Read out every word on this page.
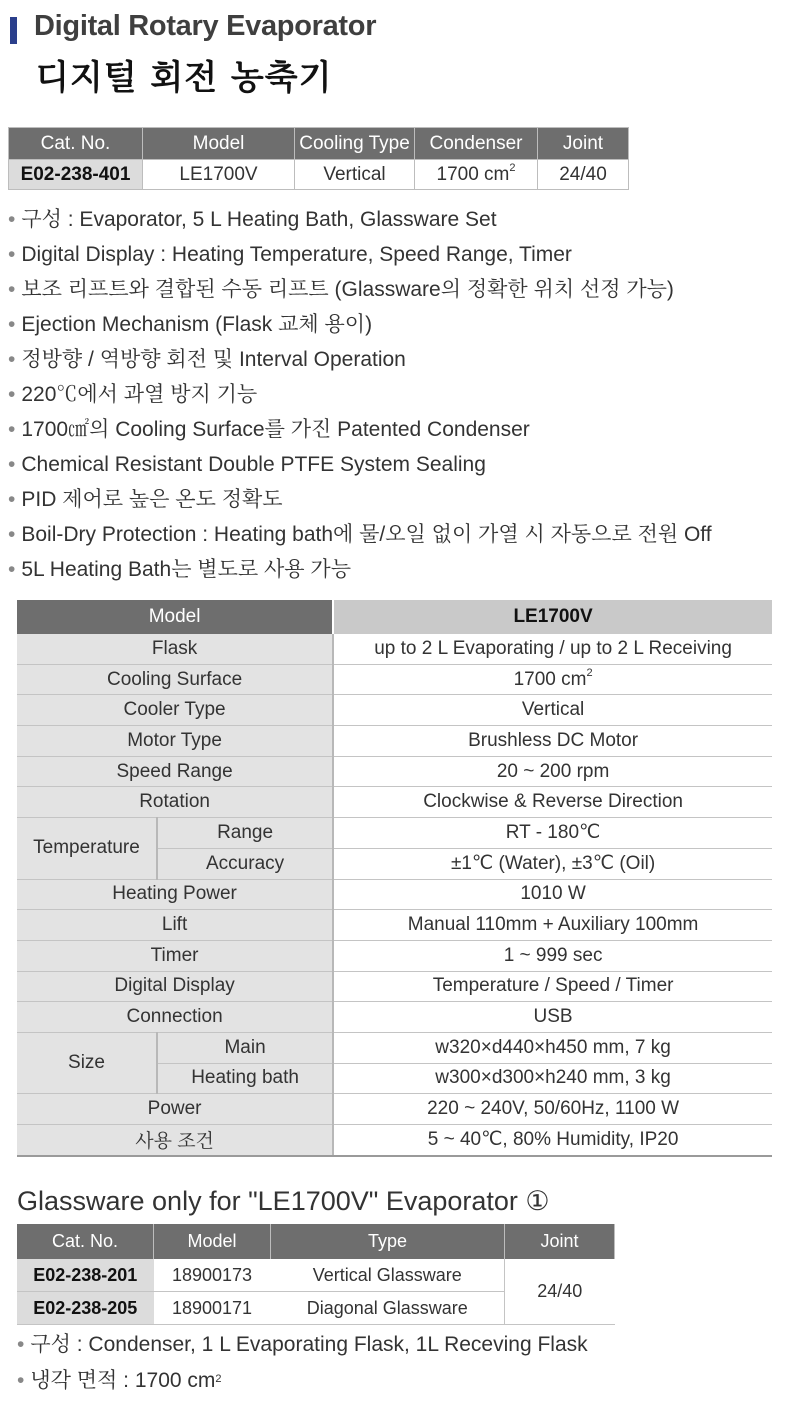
Digital Rotary Evaporator
디지털 회전 농축기
Cat. No.	Model	Cooling Type	Condenser	Joint
E02-238-401	LE1700V	Vertical	1700 $cm^2$	24/40
• 구성 : Evaporator, 5 L Heating Bath, Glassware Set
• Digital Display : Heating Temperature, Speed Range, Timer
• 보조 리프트와 결합된 수동 리프트 (Glassware의 정확한 위치 선정 가능)
• Ejection Mechanism (Flask 교체 용이)
• 정방향 / 역방향 회전 및 Interval Operation
• 220℃에서 과열 방지 기능
• 1700㎠의 Cooling Surface를 가진 Patented Condenser
• Chemical Resistant Double PTFE System Sealing
• PID 제어로 높은 온도 정확도
• Boil-Dry Protection : Heating bath에 물/오일 없이 가열 시 자동으로 전원 Off
• 5L Heating Bath는 별도로 사용 가능
Model		LE1700V
Flask		up to 2 L Evaporating / up to 2 L Receiving
Cooling Surface		1700 $cm^2$
Cooler Type		Vertical
Motor Type		Brushless DC Motor
Speed Range		20 ~ 200 rpm
Rotation		Clockwise & Reverse Direction
Temperature	Range	RT - 180℃
	Accuracy	±1℃ (Water), ±3℃ (Oil)
Heating Power		1010 W
Lift		Manual 110mm + Auxiliary 100mm
Timer		1 ~ 999 sec
Digital Display		Temperature / Speed / Timer
Connection		USB
Size	Main	w320×d440×h450 mm, 7 kg
	Heating bath	w300×d300×h240 mm, 3 kg
Power		220 ~ 240V, 50/60Hz, 1100 W
사용 조건		5 ~ 40℃, 80% Humidity, IP20
Glassware only for "LE1700V" Evaporator ①
Cat. No.	Model	Type	Joint
E02-238-201	18900173	Vertical Glassware	24/40
E02-238-205	18900171	Diagonal Glassware	
• 구성 : Condenser, 1 L Evaporating Flask, 1L Receving Flask
• 냉각 면적 : 1700 $cm^2$
